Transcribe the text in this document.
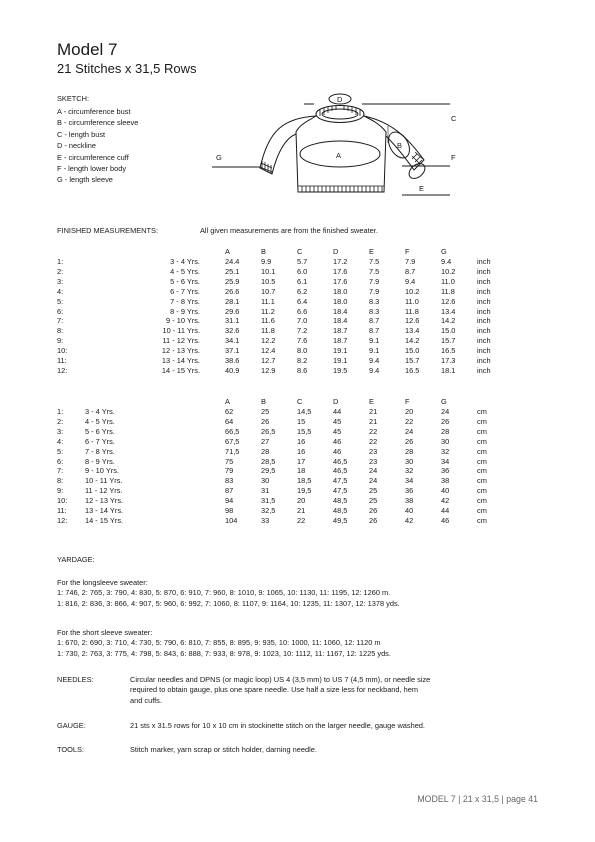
Model 7
21 Stitches x 31,5 Rows
SKETCH:
A - circumference bust
B - circumference sleeve
C - length bust
D - neckline
E - circumference cuff
F - length lower body
G - length sleeve
D
A
B
C
E
F
G
FINISHED MEASUREMENTS:	All given measurements are from the finished sweater.
			A	B	C	D	E	F	G	
1:	3 - 4 Yrs.		24.4	9.9	5.7	17.2	7.5	7.9	9.4	inch
2:	4 - 5 Yrs.		25.1	10.1	6.0	17.6	7.5	8.7	10.2	inch
3:	5 - 6 Yrs.		25.9	10.5	6.1	17.6	7.9	9.4	11.0	inch
4:	6 - 7 Yrs.		26.6	10.7	6.2	18.0	7.9	10.2	11.8	inch
5:	7 - 8 Yrs.		28.1	11.1	6.4	18.0	8.3	11.0	12.6	inch
6:	8 - 9 Yrs.		29.6	11.2	6.6	18.4	8.3	11.8	13.4	inch
7:	9 - 10 Yrs.		31.1	11.6	7.0	18.4	8.7	12.6	14.2	inch
8:	10 - 11 Yrs.		32.6	11.8	7.2	18.7	8.7	13.4	15.0	inch
9:	11 - 12 Yrs.		34.1	12.2	7.6	18.7	9.1	14.2	15.7	inch
10:	12 - 13 Yrs.		37.1	12.4	8.0	19.1	9.1	15.0	16.5	inch
11:	13 - 14 Yrs.		38.6	12.7	8.2	19.1	9.4	15.7	17.3	inch
12:	14 - 15 Yrs.		40.9	12.9	8.6	19.5	9.4	16.5	18.1	inch
			A	B	C	D	E	F	G	
1:	3 - 4 Yrs.		62	25	14,5	44	21	20	24	cm
2:	4 - 5 Yrs.		64	26	15	45	21	22	26	cm
3:	5 - 6 Yrs.		66,5	26,5	15,5	45	22	24	28	cm
4:	6 - 7 Yrs.		67,5	27	16	46	22	26	30	cm
5:	7 - 8 Yrs.		71,5	28	16	46	23	28	32	cm
6:	8 - 9 Yrs.		75	28,5	17	46,5	23	30	34	cm
7:	9 - 10 Yrs.		79	29,5	18	46,5	24	32	36	cm
8:	10 - 11 Yrs.		83	30	18,5	47,5	24	34	38	cm
9:	11 - 12 Yrs.		87	31	19,5	47,5	25	36	40	cm
10:	12 - 13 Yrs.		94	31,5	20	48,5	25	38	42	cm
11:	13 - 14 Yrs.		98	32,5	21	48,5	26	40	44	cm
12:	14 - 15 Yrs.		104	33	22	49,5	26	42	46	cm
YARDAGE:
For the longsleeve sweater:
1: 746, 2: 765, 3: 790, 4: 830, 5: 870, 6: 910, 7: 960, 8: 1010, 9: 1065, 10: 1130, 11: 1195, 12: 1260 m.
1: 816, 2: 836, 3: 866, 4: 907, 5: 960, 6: 992, 7: 1060, 8: 1107, 9: 1164, 10: 1235, 11: 1307, 12: 1378 yds.
For the short sleeve sweater:
1: 670, 2: 690, 3: 710, 4: 730, 5: 790, 6: 810, 7: 855, 8: 895, 9: 935, 10: 1000, 11: 1060, 12: 1120 m
1: 730, 2: 763, 3: 775, 4: 798, 5: 843, 6: 888, 7: 933, 8: 978, 9: 1023, 10: 1112, 11: 1167, 12: 1225 yds.
NEEDLES:	Circular needles and DPNS (or magic loop) US 4 (3,5 mm) to US 7 (4,5 mm), or needle size
required to obtain gauge, plus one spare needle. Use half a size less for neckband, hem
and cuffs.
GAUGE:	21 sts x 31.5 rows for 10 x 10 cm in stockinette stitch on the larger needle, gauge washed.
TOOLS:	Stitch marker, yarn scrap or stitch holder, darning needle.
MODEL 7 | 21 x 31,5 | page 41
